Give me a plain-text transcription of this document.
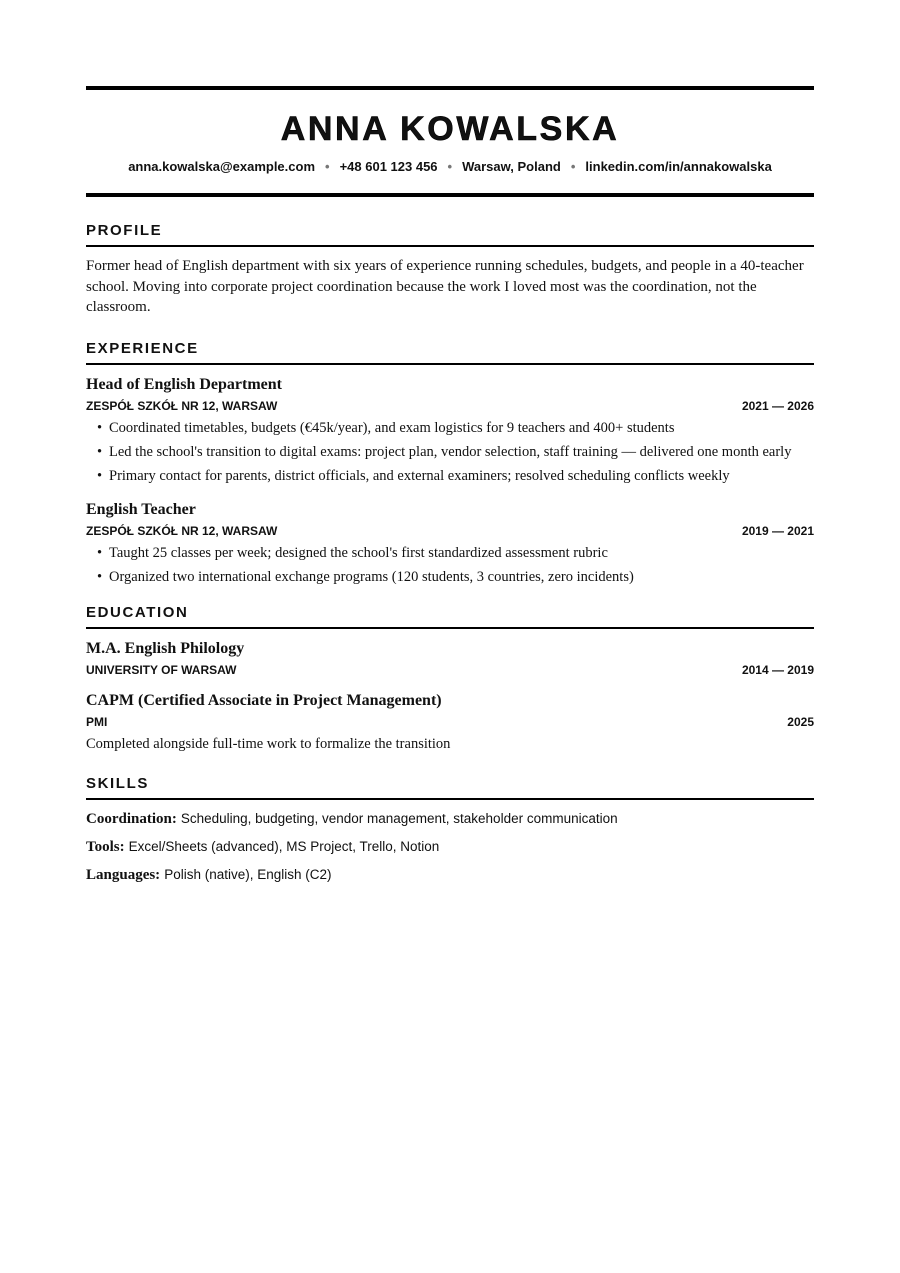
ANNA KOWALSKA
anna.kowalska@example.com • +48 601 123 456 • Warsaw, Poland • linkedin.com/in/annakowalska
PROFILE
Former head of English department with six years of experience running schedules, budgets, and people in a 40-teacher school. Moving into corporate project coordination because the work I loved most was the coordination, not the classroom.
EXPERIENCE
Head of English Department
ZESPÓŁ SZKÓŁ NR 12, WARSAW	2021 — 2026
• Coordinated timetables, budgets (€45k/year), and exam logistics for 9 teachers and 400+ students
• Led the school's transition to digital exams: project plan, vendor selection, staff training — delivered one month early
• Primary contact for parents, district officials, and external examiners; resolved scheduling conflicts weekly
English Teacher
ZESPÓŁ SZKÓŁ NR 12, WARSAW	2019 — 2021
• Taught 25 classes per week; designed the school's first standardized assessment rubric
• Organized two international exchange programs (120 students, 3 countries, zero incidents)
EDUCATION
M.A. English Philology
UNIVERSITY OF WARSAW	2014 — 2019
CAPM (Certified Associate in Project Management)
PMI	2025
Completed alongside full-time work to formalize the transition
SKILLS
Coordination: Scheduling, budgeting, vendor management, stakeholder communication
Tools: Excel/Sheets (advanced), MS Project, Trello, Notion
Languages: Polish (native), English (C2)
